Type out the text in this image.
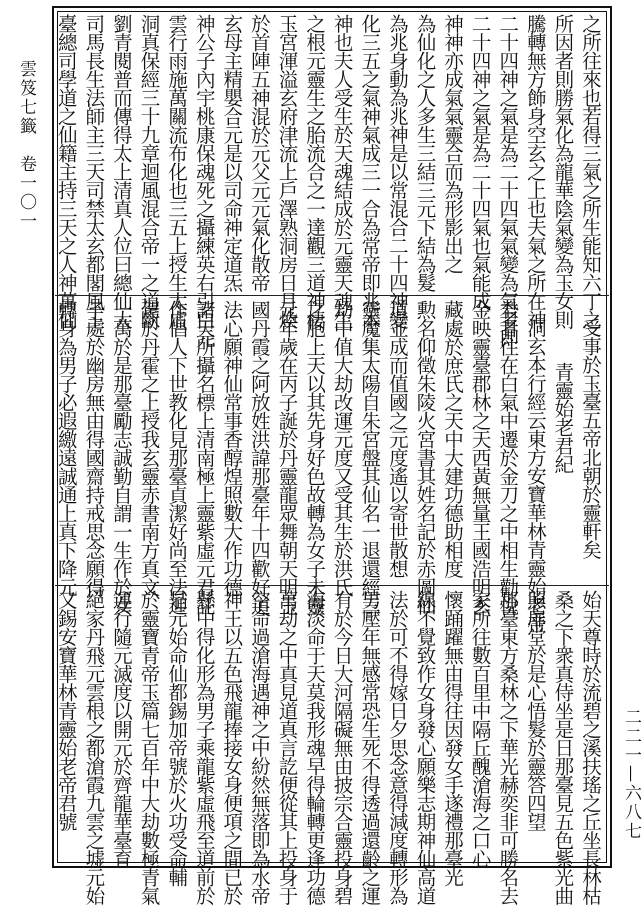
雲笈七籤　卷一〇一
二二一—六八七
之所往來也若得三氣之所生能知六丁之
所因者則勝氣化為龍華陰氣變為玉女則
騰轉無方飾身空玄之上也夫氣之所在神
二十四神之氣是為二十四氣氣變為氣者即
二十四神之氣是為二十四氣也氣能成
神神亦成氣氣靈合而為形影出之
為仙化之人多生三結三元下結為髮
為兆身動為兆神是以常混合二十四神變
化三五之氣神氣成三一合為常帝即兆本
神也夫人受生於天魂結成於元靈天魂生
之根元靈生之胎流合之一達觀三道神棲
玉宮渾溢玄府津流上戶澤熟洞房日月煥
於首陣五神混於元父元元氣化散帝
玄母主精嬰合元是以司命神定道炁
神公子內宇桃康保魂死之攝練英右引白元
雲行雨施萬關流布化也三五上授生太虛
洞真保經三十九章迴風混合帝一之道斷
劉青閱普而傳得太上清真人位曰總仙大
司馬長生法師主三天司禁太玄都閣風王
臺總司學道之仙籍主持三天之人神萬仙
受事於玉臺五帝北朝於靈軒矣
青靈始老君紀
洞玄本行經云東方安寶華林青靈始老帝
君者往在白氣中遷於金刀之中相生勸悅
金映靈臺郡林之天西黃無量王國浩明玄
藏處於庶氏之天中大建功德助相度
勲名仰徵朱陵火宮書其姓名記於赤圖仙
道並成而值國之元度遙以寄世散想
靈魔集太陽自朱宮盤其仙名一退還經三
劫中值大劫改運元度又受其生於洪氏
之胞上天以其先身好色故轉為女子未靈
元年歲在丙子誕於丹靈龍眾舞朝天明玉
國丹霞之阿放姓洪諱那臺年十四歡好道
法心願神仙常事香醇煌照數大作功德
諸天所攝名標上清南極上靈紫虛元君託
作倡人下世教化見那臺貞潔好尚至法迎
駕於丹霍之上授我玄靈赤書南方真文
一萬於是那臺勵志誠勤自謂一生作於女
子處於幽房無由得國齋持戒思念願得
轉身為男子必遐繳遠誠通上真下降元
始天尊時於流碧之溪扶瑤之丘坐長林枯
桑之下衆真侍坐是日那臺見五色紫光曲
照扉堂於是心悟髮於靈答四望
那臺東方桑林之下華光赫奕非可勝名去
家所往數百里中隔丘醜滄海之口心
懷踊躍無由得往因發女手遂禮那臺光
線不覺致作女身發心願樂志期神仙高道
法於可不得嫁日夕思念意得減度轉形為
男壓年無感常恐生死不得透過還齡之運
有於今日大河隔礙無由披宗合靈投身碧
海淡命于天莫我形魂早得輪轉更逢功德
萬劫之中真見道真言訖便從其上投身于
空命過滄海遇神之中紛然無落即為水帝
神王以五色飛龍捧接女身便項之間已於
懸中得化形為男子乘龍紫虛飛至道前於
是元始命仙都錫加帝號於火功受命輔
於靈寶青帝玉篇七百年中大劫數極青氣
運行隨元滅度以開元於齊龍華臺育
絕家丹飛元雲根之都滄霞九雲之墟元始
又錫安寶華林青靈始老帝君號
